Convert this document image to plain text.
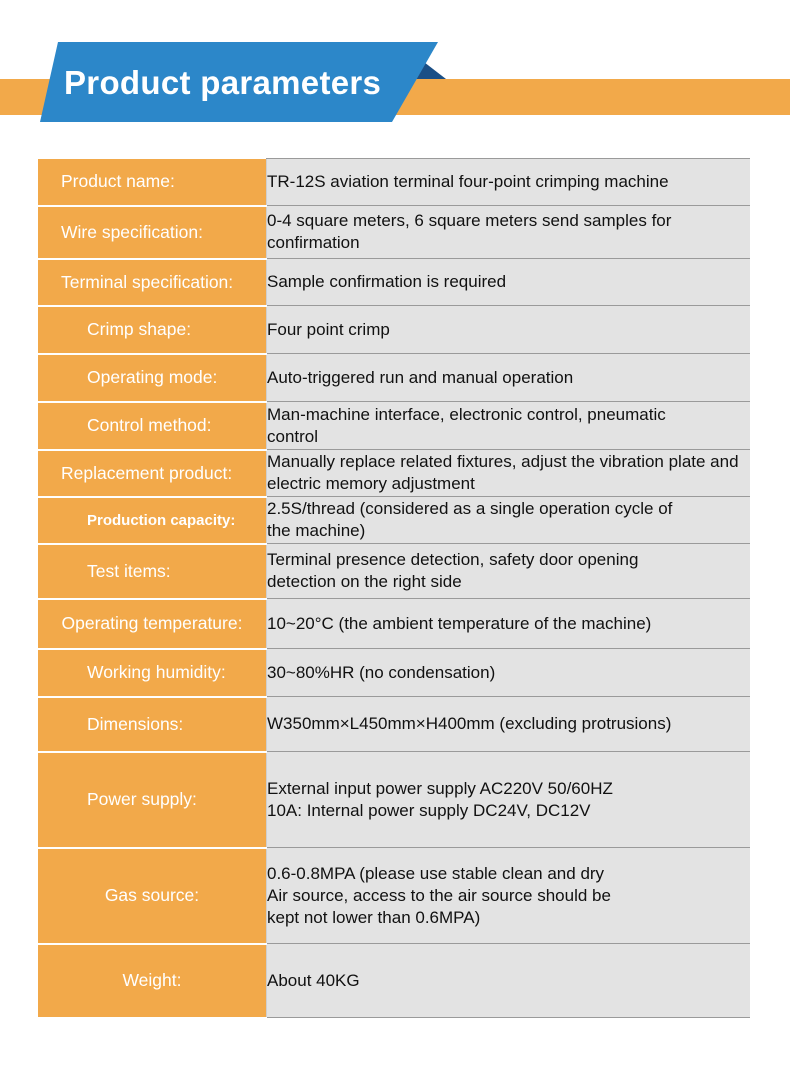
Product parameters
Product name:	TR-12S aviation terminal four-point crimping machine

Wire specification:	0-4 square meters, 6 square meters send samples for
confirmation

Terminal specification:	Sample confirmation is required

Crimp shape:	Four point crimp

Operating mode:	Auto-triggered run and manual operation

Control method:	Man-machine interface, electronic control, pneumatic
control

Replacement product:	Manually replace related fixtures, adjust the vibration plate and
electric memory adjustment

Production capacity:	2.5S/thread (considered as a single operation cycle of
the machine)

Test items:	Terminal presence detection, safety door opening
detection on the right side

Operating temperature:	10~20°C (the ambient temperature of the machine)

Working humidity:	30~80%HR (no condensation)

Dimensions:	W350mm×L450mm×H400mm (excluding protrusions)

Power supply:	External input power supply AC220V 50/60HZ
10A: Internal power supply DC24V, DC12V

Gas source:	0.6-0.8MPA (please use stable clean and dry
Air source, access to the air source should be
kept not lower than 0.6MPA)

Weight:	About 40KG
